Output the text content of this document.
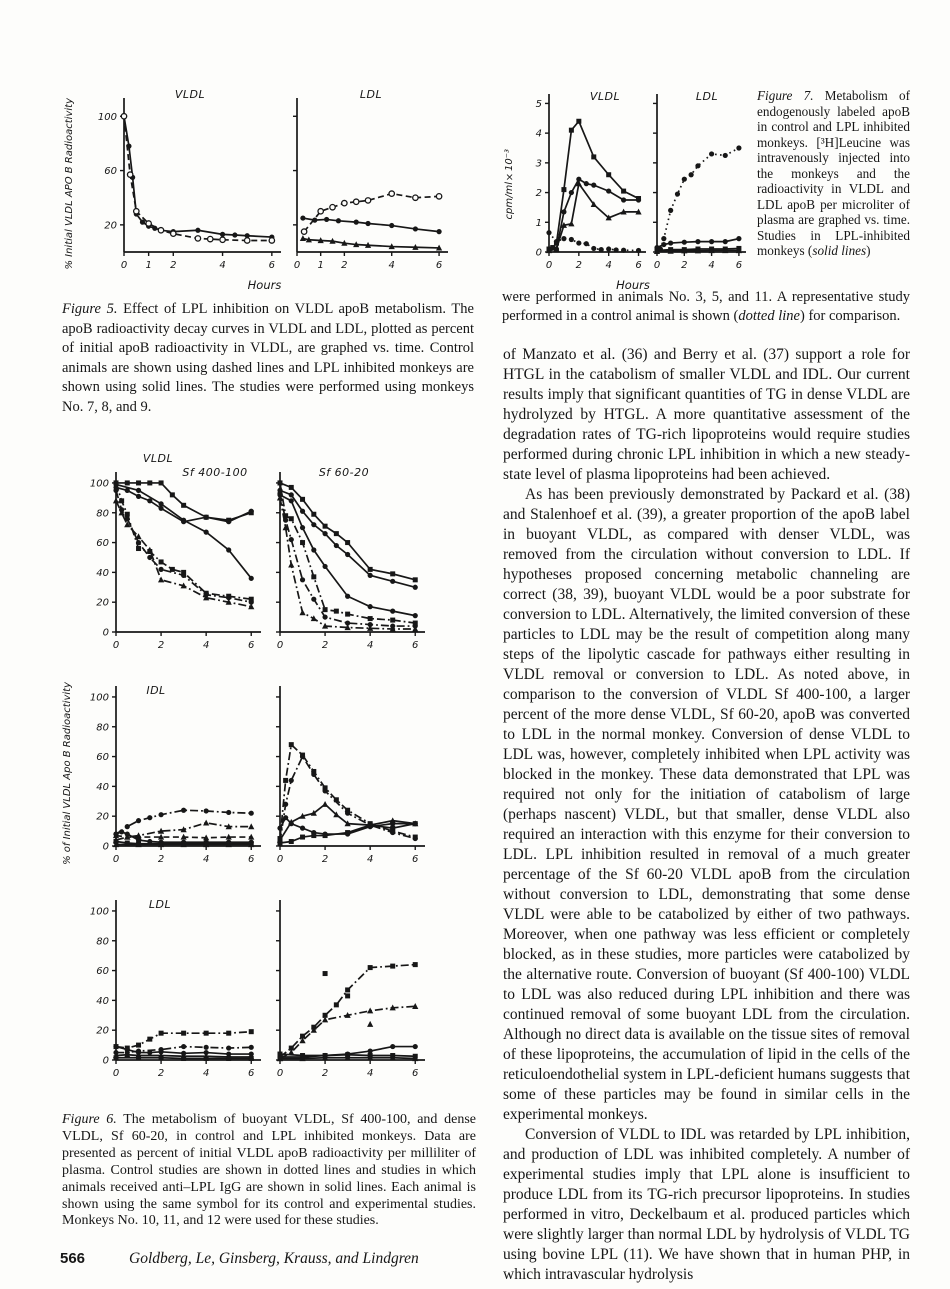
% Initial VLDL APO B Radioactivity	20
60
100
0 1 2	4	6
VLDL
0 1 2	4	6
LDL
Hours
Figure 5. Effect of LPL inhibition on VLDL apoB metabolism. The apoB radioactivity decay curves in VLDL and LDL, plotted as percent of initial apoB radioactivity in VLDL, are graphed vs. time. Control animals are shown using dashed lines and LPL inhibited monkeys are shown using solid lines. The studies were performed using monkeys No. 7, 8, and 9.
cpm/ml×10⁻³
0
1
2
3
4
5
0 2 4 6
VLDL
0 2 4 6
LDL
Hours
Figure 7. Metabolism of endogenously labeled apoB in control and LPL inhibited monkeys. [³H]Leucine was intravenously injected into the monkeys and the radioactivity in VLDL and LDL apoB per microliter of plasma are graphed vs. time. Studies in LPL-inhibited monkeys (solid lines)
were performed in animals No. 3, 5, and 11. A representative study performed in a control animal is shown (dotted line) for comparison.

of Manzato et al. (36) and Berry et al. (37) support a role for HTGL in the catabolism of smaller VLDL and IDL. Our current results imply that significant quantities of TG in dense VLDL are hydrolyzed by HTGL. A more quantitative assessment of the degradation rates of TG-rich lipoproteins would require studies performed during chronic LPL inhibition in which a new steady-state level of plasma lipoproteins had been achieved.

As has been previously demonstrated by Packard et al. (38) and Stalenhoef et al. (39), a greater proportion of the apoB label in buoyant VLDL, as compared with denser VLDL, was removed from the circulation without conversion to LDL. If hypotheses proposed concerning metabolic channeling are correct (38, 39), buoyant VLDL would be a poor substrate for conversion to LDL. Alternatively, the limited conversion of these particles to LDL may be the result of competition along many steps of the lipolytic cascade for pathways either resulting in VLDL removal or conversion to LDL. As noted above, in comparison to the conversion of VLDL Sf 400-100, a larger percent of the more dense VLDL, Sf 60-20, apoB was converted to LDL in the normal monkey. Conversion of dense VLDL to LDL was, however, completely inhibited when LPL activity was blocked in the monkey. These data demonstrated that LPL was required not only for the initiation of catabolism of large (perhaps nascent) VLDL, but that smaller, dense VLDL also required an interaction with this enzyme for their conversion to LDL. LPL inhibition resulted in removal of a much greater percentage of the Sf 60-20 VLDL apoB from the circulation without conversion to LDL, demonstrating that some dense VLDL were able to be catabolized by either of two pathways. Moreover, when one pathway was less efficient or completely blocked, as in these studies, more particles were catabolized by the alternative route. Conversion of buoyant (Sf 400-100) VLDL to LDL was also reduced during LPL inhibition and there was continued removal of some buoyant LDL from the circulation. Although no direct data is available on the tissue sites of removal of these lipoproteins, the accumulation of lipid in the cells of the reticuloendothelial system in LPL-deficient humans suggests that some of these particles may be found in similar cells in the experimental monkeys.

Conversion of VLDL to IDL was retarded by LPL inhibition, and production of LDL was inhibited completely. A number of experimental studies imply that LPL alone is insufficient to produce LDL from its TG-rich precursor lipoproteins. In studies performed in vitro, Deckelbaum et al. produced particles which were slightly larger than normal LDL by hydrolysis of VLDL TG using bovine LPL (11). We have shown that in human PHP, in which intravascular hydrolysis

% of Initial VLDL Apo B Radioactivity
0
20
40
60
80
100
0	2	4	6
VLDL
Sf 400-100
0	2	4	6
Sf 60-20
0
20
40
60
80
100
0	2	4	6
IDL
0	2	4	6
0
20
40
60
80
100
0	2	4	6
LDL
0	2	4	6
Figure 6. The metabolism of buoyant VLDL, Sf 400-100, and dense VLDL, Sf 60-20, in control and LPL inhibited monkeys. Data are presented as percent of initial VLDL apoB radioactivity per milliliter of plasma. Control studies are shown in dotted lines and studies in which animals received anti–LPL IgG are shown in solid lines. Each animal is shown using the same symbol for its control and experimental studies. Monkeys No. 10, 11, and 12 were used for these studies.
566	Goldberg, Le, Ginsberg, Krauss, and Lindgren
